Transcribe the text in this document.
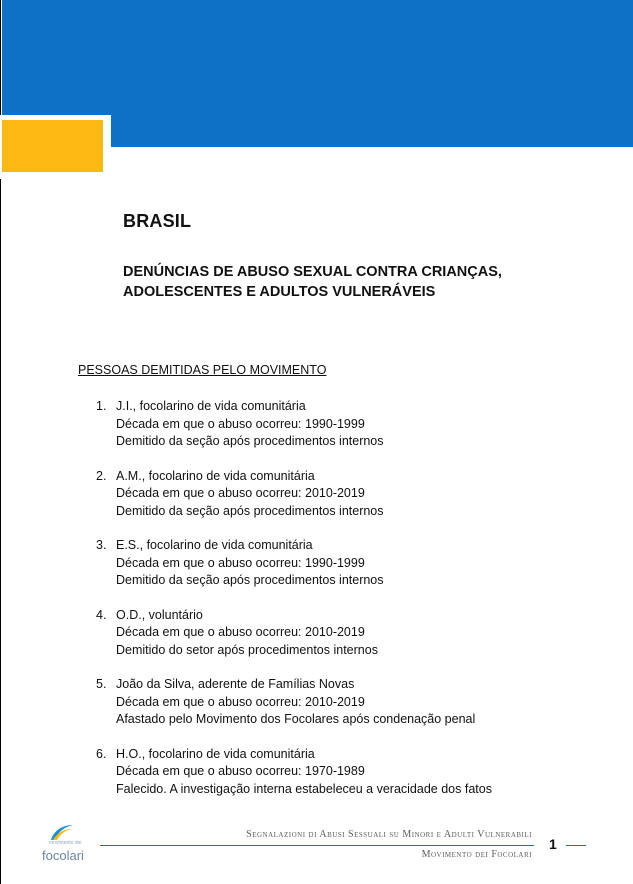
BRASIL
DENÚNCIAS DE ABUSO SEXUAL CONTRA CRIANÇAS,
ADOLESCENTES E ADULTOS VULNERÁVEIS
PESSOAS DEMITIDAS PELO MOVIMENTO
1. J.I., focolarino de vida comunitária
Década em que o abuso ocorreu: 1990-1999
Demitido da seção após procedimentos internos
2. A.M., focolarino de vida comunitária
Década em que o abuso ocorreu: 2010-2019
Demitido da seção após procedimentos internos
3. E.S., focolarino de vida comunitária
Década em que o abuso ocorreu: 1990-1999
Demitido da seção após procedimentos internos
4. O.D., voluntário
Década em que o abuso ocorreu: 2010-2019
Demitido do setor após procedimentos internos
5. João da Silva, aderente de Famílias Novas
Década em que o abuso ocorreu: 2010-2019
Afastado pelo Movimento dos Focolares após condenação penal
6. H.O., focolarino de vida comunitária
Década em que o abuso ocorreu: 1970-1989
Falecido. A investigação interna estabeleceu a veracidade dos fatos
movimento dei
focolari
Segnalazioni di Abusi Sessuali su Minori e Adulti Vulnerabili
Movimento dei Focolari
1
